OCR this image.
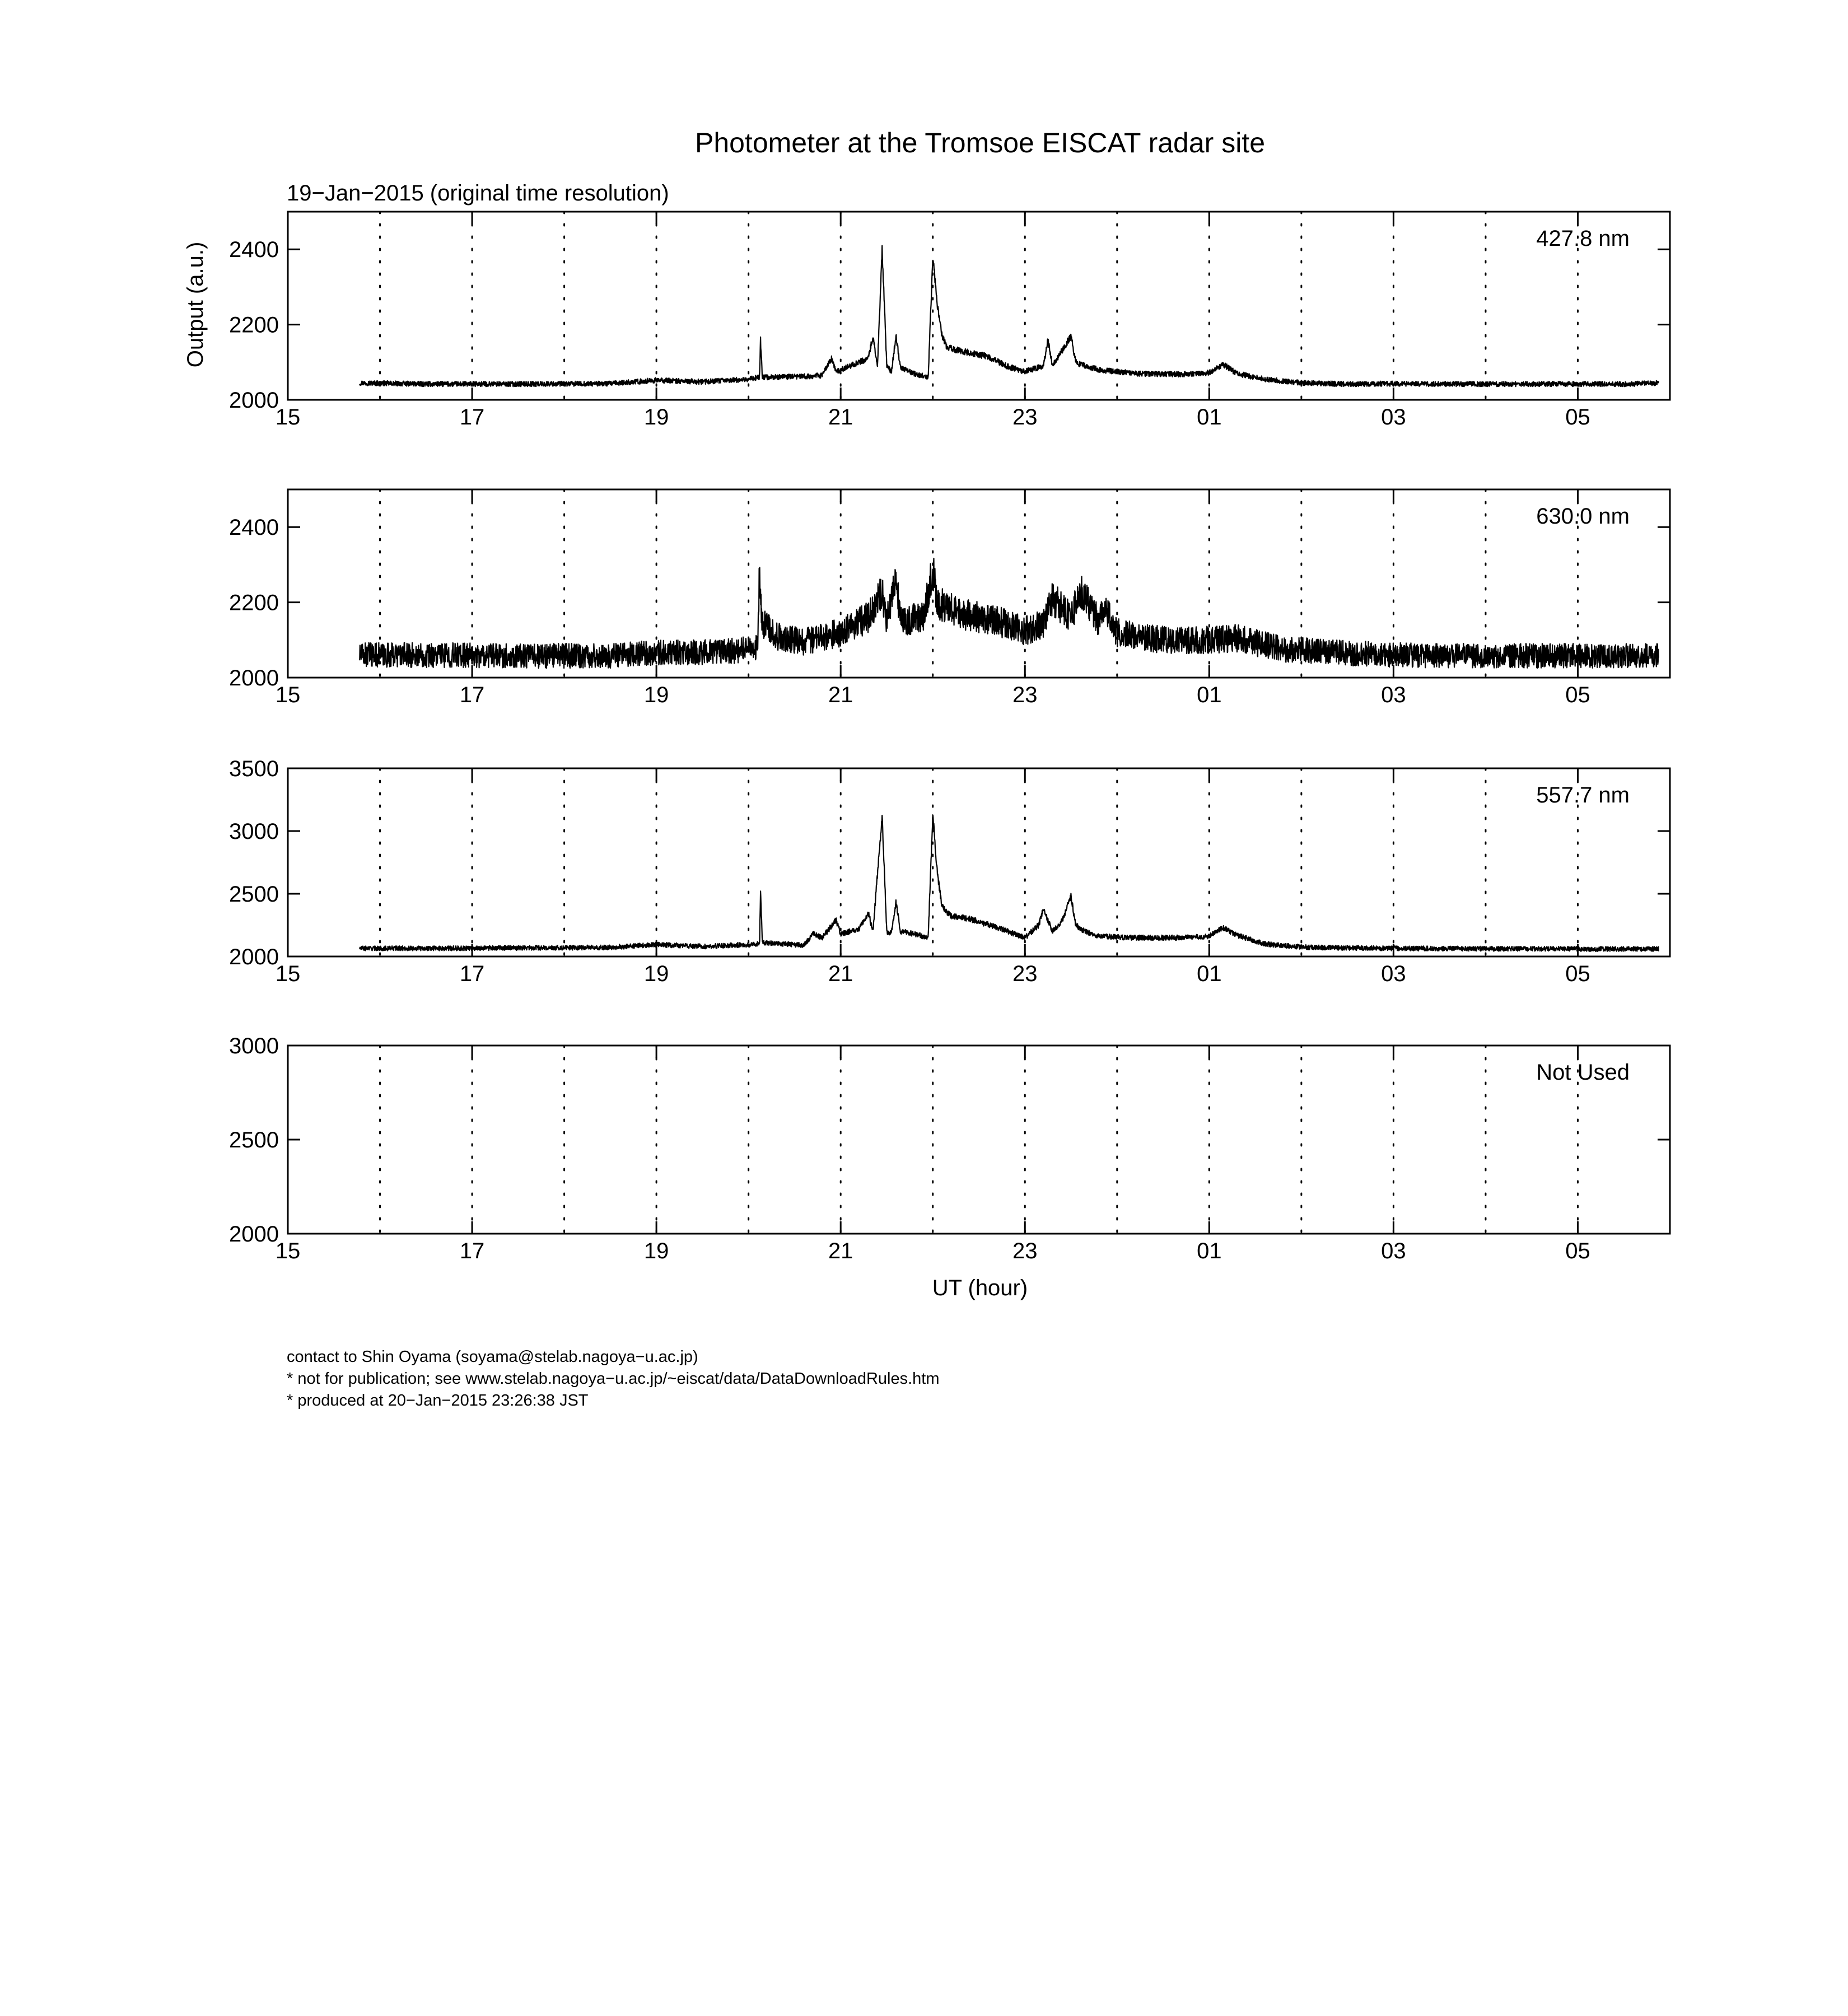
Photometer at the Tromsoe EISCAT radar site
19−Jan−2015 (original time resolution)
Output (a.u.)
UT (hour)
15	17	19	21	23	01	03	05
2000
2200
2400	427.8 nm
15	17	19	21	23	01	03	05
2000
2200
2400	630.0 nm
15	17	19	21	23	01	03	05
2000
2500
3000
3500
557.7 nm
15	17	19	21	23	01	03	05
2000
2500
3000
Not Used
contact to Shin Oyama (soyama@stelab.nagoya−u.ac.jp)
* not for publication; see www.stelab.nagoya−u.ac.jp/~eiscat/data/DataDownloadRules.htm
* produced at 20−Jan−2015 23:26:38 JST
